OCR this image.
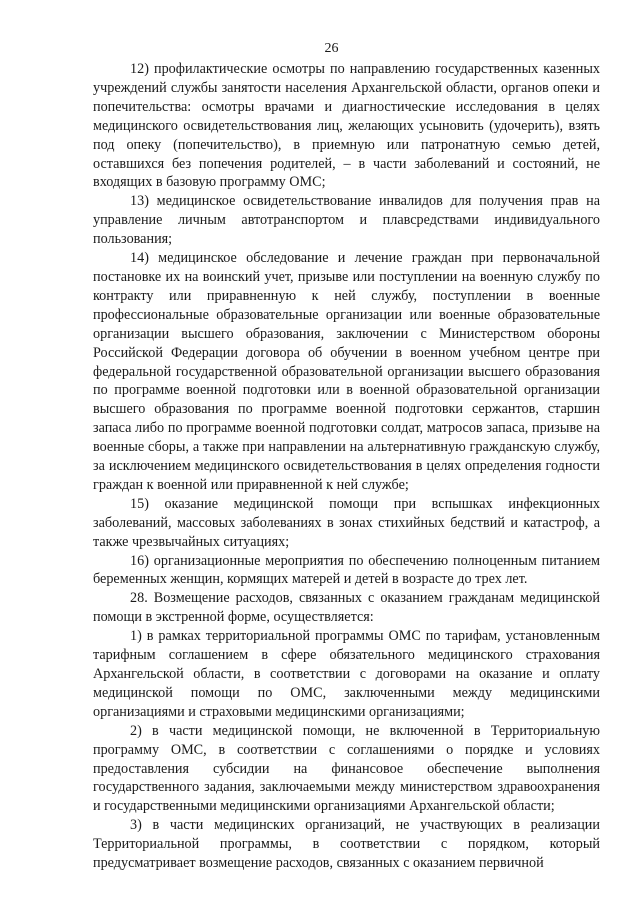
26

12) профилактические осмотры по направлению государственных казенных учреждений службы занятости населения Архангельской области, органов опеки и попечительства: осмотры врачами и диагностические исследования в целях медицинского освидетельствования лиц, желающих усыновить (удочерить), взять под опеку (попечительство), в приемную или патронатную семью детей, оставшихся без попечения родителей, – в части заболеваний и состояний, не входящих в базовую программу ОМС;

13) медицинское освидетельствование инвалидов для получения прав на управление личным автотранспортом и плавсредствами индивидуального пользования;

14) медицинское обследование и лечение граждан при первоначальной постановке их на воинский учет, призыве или поступлении на военную службу по контракту или приравненную к ней службу, поступлении в военные профессиональные образовательные организации или военные образовательные организации высшего образования, заключении с Министерством обороны Российской Федерации договора об обучении в военном учебном центре при федеральной государственной образовательной организации высшего образования по программе военной подготовки или в военной образовательной организации высшего образования по программе военной подготовки сержантов, старшин запаса либо по программе военной подготовки солдат, матросов запаса, призыве на военные сборы, а также при направлении на альтернативную гражданскую службу, за исключением медицинского освидетельствования в целях определения годности граждан к военной или приравненной к ней службе;

15) оказание медицинской помощи при вспышках инфекционных заболеваний, массовых заболеваниях в зонах стихийных бедствий и катастроф, а также чрезвычайных ситуациях;

16) организационные мероприятия по обеспечению полноценным питанием беременных женщин, кормящих матерей и детей в возрасте до трех лет.

28. Возмещение расходов, связанных с оказанием гражданам медицинской помощи в экстренной форме, осуществляется:

1) в рамках территориальной программы ОМС по тарифам, установленным тарифным соглашением в сфере обязательного медицинского страхования Архангельской области, в соответствии с договорами на оказание и оплату медицинской помощи по ОМС, заключенными между медицинскими организациями и страховыми медицинскими организациями;

2) в части медицинской помощи, не включенной в Территориальную программу ОМС, в соответствии с соглашениями о порядке и условиях предоставления субсидии на финансовое обеспечение выполнения государственного задания, заключаемыми между министерством здравоохранения и государственными медицинскими организациями Архангельской области;

3) в части медицинских организаций, не участвующих в реализации Территориальной программы, в соответствии с порядком, который предусматривает возмещение расходов, связанных с оказанием первичной
